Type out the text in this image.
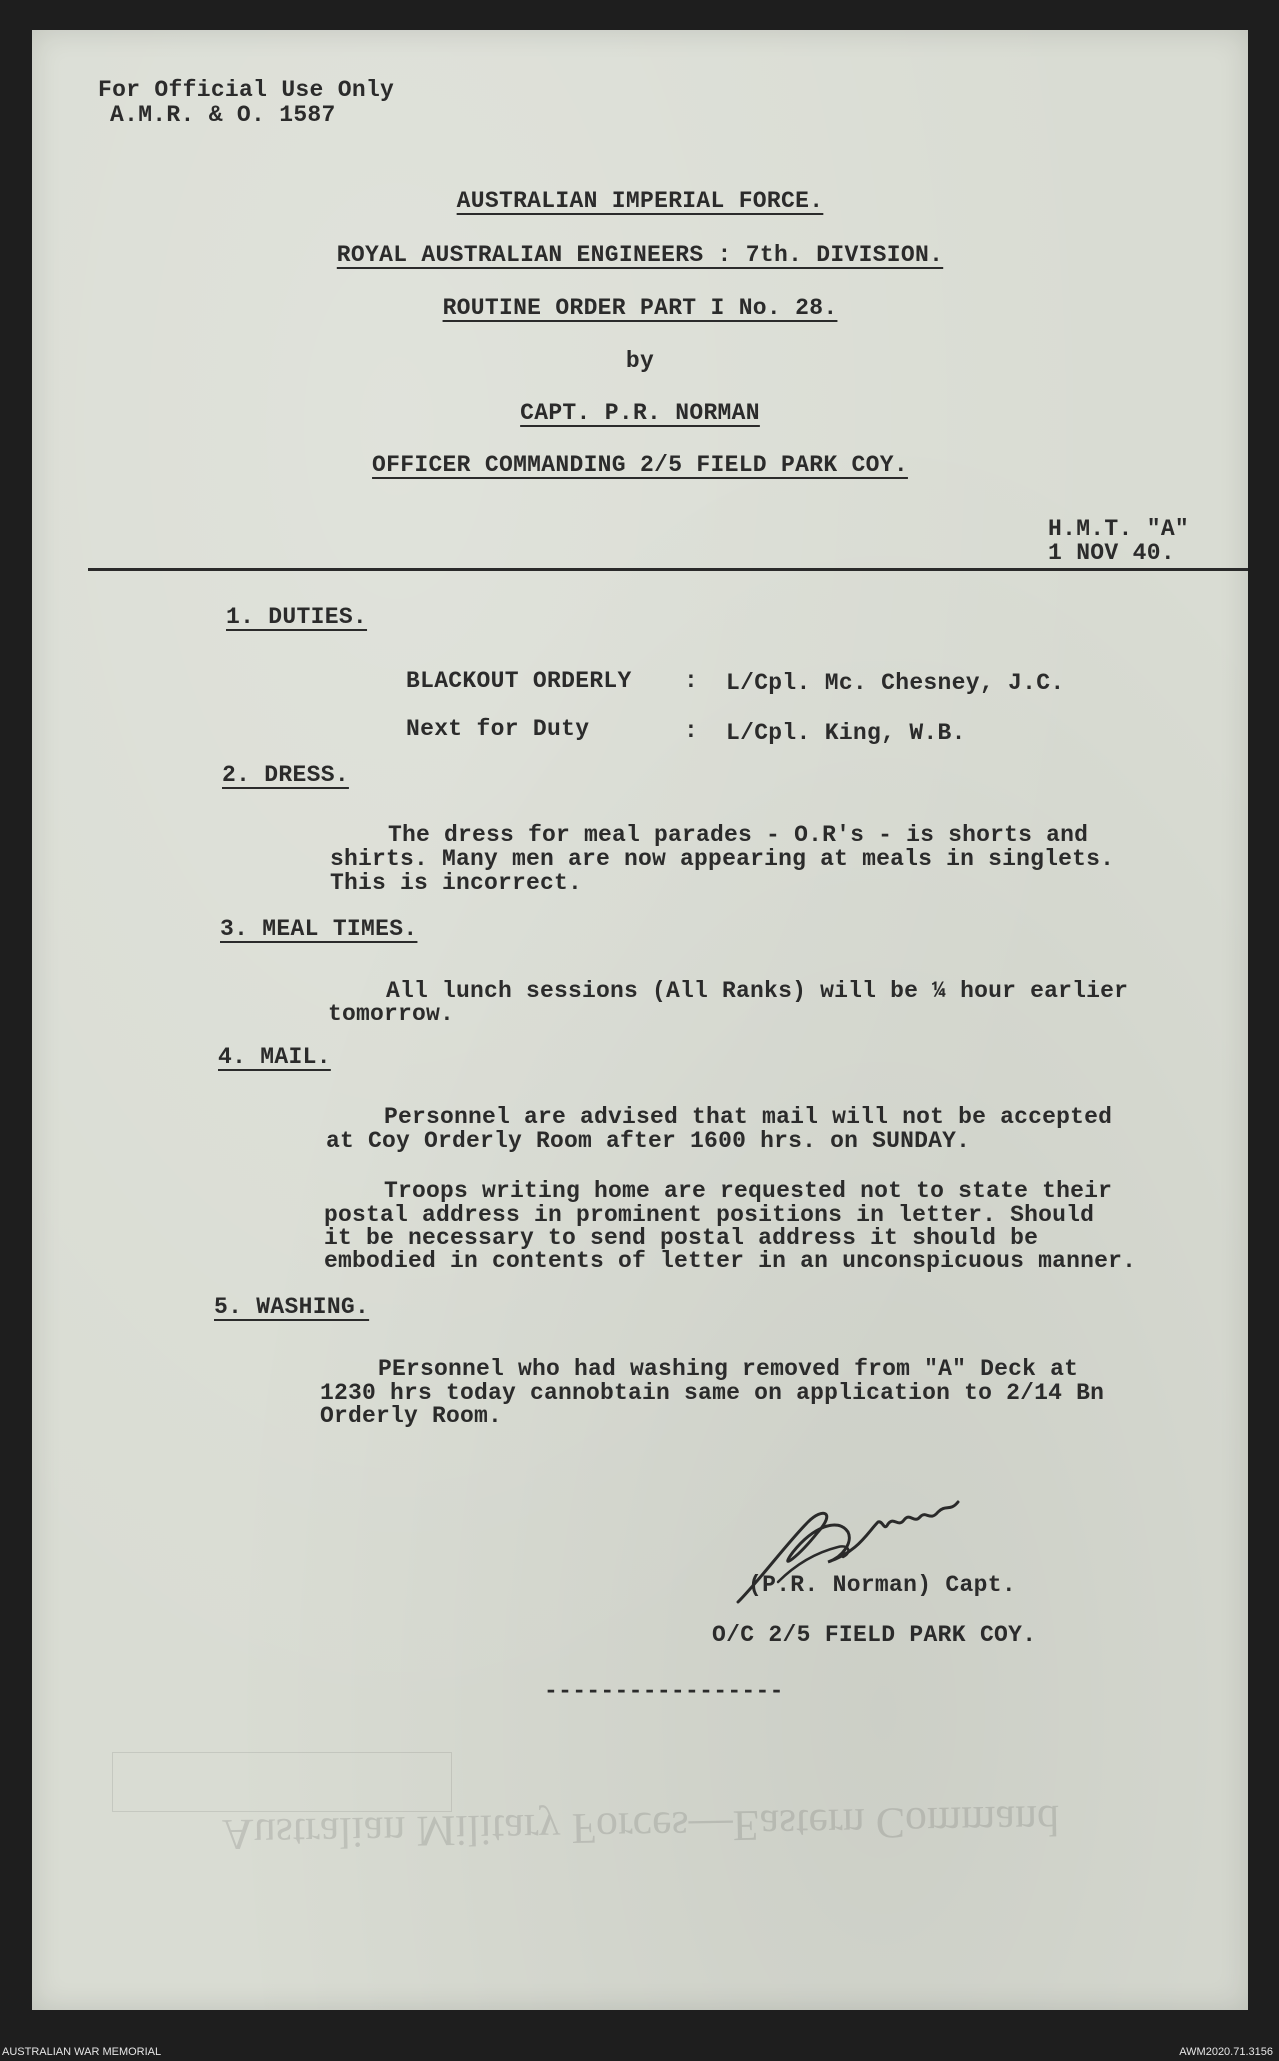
Australian Military Forces—Eastern Command
For Official Use Only
A.M.R. & O. 1587
AUSTRALIAN IMPERIAL FORCE.
ROYAL AUSTRALIAN ENGINEERS : 7th. DIVISION.
ROUTINE ORDER PART I No. 28.
by
CAPT. P.R. NORMAN
OFFICER COMMANDING 2/5 FIELD PARK COY.
H.M.T. "A"
1 NOV 40.
1. DUTIES.
BLACKOUT ORDERLY : L/Cpl. Mc. Chesney, J.C.
Next for Duty	: L/Cpl. King, W.B.
2. DRESS.
The dress for meal parades - O.R's - is shorts and
shirts. Many men are now appearing at meals in singlets.
This is incorrect.
3. MEAL TIMES.
All lunch sessions (All Ranks) will be ¼ hour earlier
tomorrow.
4. MAIL.
Personnel are advised that mail will not be accepted
at Coy Orderly Room after 1600 hrs. on SUNDAY.
Troops writing home are requested not to state their
postal address in prominent positions in letter. Should
it be necessary to send postal address it should be
embodied in contents of letter in an unconspicuous manner.
5. WASHING.
PErsonnel who had washing removed from "A" Deck at
1230 hrs today cannobtain same on application to 2/14 Bn
Orderly Room.
(P.R. Norman) Capt.
O/C 2/5 FIELD PARK COY.
-----------------
AUSTRALIAN WAR MEMORIAL	AWM2020.71.3156
